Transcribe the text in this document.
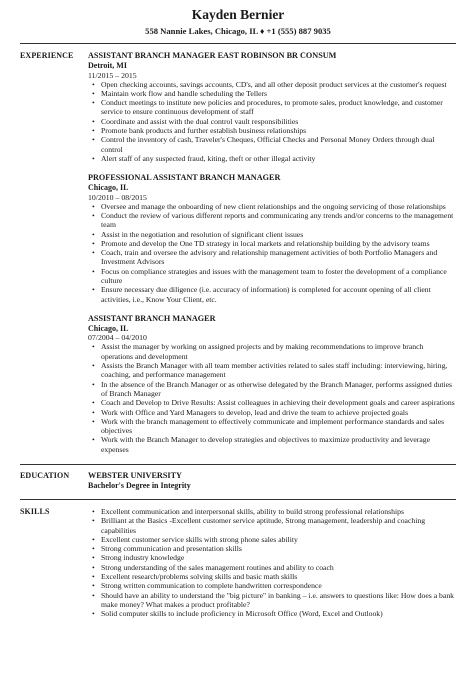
Kayden Bernier
558 Nannie Lakes, Chicago, IL ♦ +1 (555) 887 9035
EXPERIENCE	ASSISTANT BRANCH MANAGER EAST ROBINSON BR CONSUM
Detroit, MI
11/2015 – 2015
• Open checking accounts, savings accounts, CD's, and all other deposit product services at the customer's request
• Maintain work flow and handle scheduling the Tellers
• Conduct meetings to institute new policies and procedures, to promote sales, product knowledge, and customer service to ensure continuous development of staff
• Coordinate and assist with the dual control vault responsibilities
• Promote bank products and further establish business relationships
• Control the inventory of cash, Traveler's Cheques, Official Checks and Personal Money Orders through dual control
• Alert staff of any suspected fraud, kiting, theft or other illegal activity
PROFESSIONAL ASSISTANT BRANCH MANAGER
Chicago, IL
10/2010 – 08/2015
• Oversee and manage the onboarding of new client relationships and the ongoing servicing of those relationships
• Conduct the review of various different reports and communicating any trends and/or concerns to the management team
• Assist in the negotiation and resolution of significant client issues
• Promote and develop the One TD strategy in local markets and relationship building by the advisory teams
• Coach, train and oversee the advisory and relationship management activities of both Portfolio Managers and Investment Advisors
• Focus on compliance strategies and issues with the management team to foster the development of a compliance culture
• Ensure necessary due diligence (i.e. accuracy of information) is completed for account opening of all client activities, i.e., Know Your Client, etc.
ASSISTANT BRANCH MANAGER
Chicago, IL
07/2004 – 04/2010
• Assist the manager by working on assigned projects and by making recommendations to improve branch operations and development
• Assists the Branch Manager with all team member activities related to sales staff including: interviewing, hiring, coaching, and performance management
• In the absence of the Branch Manager or as otherwise delegated by the Branch Manager, performs assigned duties of Branch Manager
• Coach and Develop to Drive Results: Assist colleagues in achieving their development goals and career aspirations
• Work with Office and Yard Managers to develop, lead and drive the team to achieve projected goals
• Work with the branch management to effectively communicate and implement performance standards and sales objectives
• Work with the Branch Manager to develop strategies and objectives to maximize productivity and leverage expenses
EDUCATION	WEBSTER UNIVERSITY
Bachelor's Degree in Integrity
SKILLS
•	Excellent communication and interpersonal skills, ability to build strong professional relationships
• Brilliant at the Basics -Excellent customer service aptitude, Strong management, leadership and coaching capabilities
• Excellent customer service skills with strong phone sales ability
• Strong communication and presentation skills
• Strong industry knowledge
• Strong understanding of the sales management routines and ability to coach
• Excellent research/problems solving skills and basic math skills
• Strong written communication to complete handwritten correspondence
• Should have an ability to understand the "big picture" in banking – i.e. answers to questions like: How does a bank make money? What makes a product profitable?
• Solid computer skills to include proficiency in Microsoft Office (Word, Excel and Outlook)
